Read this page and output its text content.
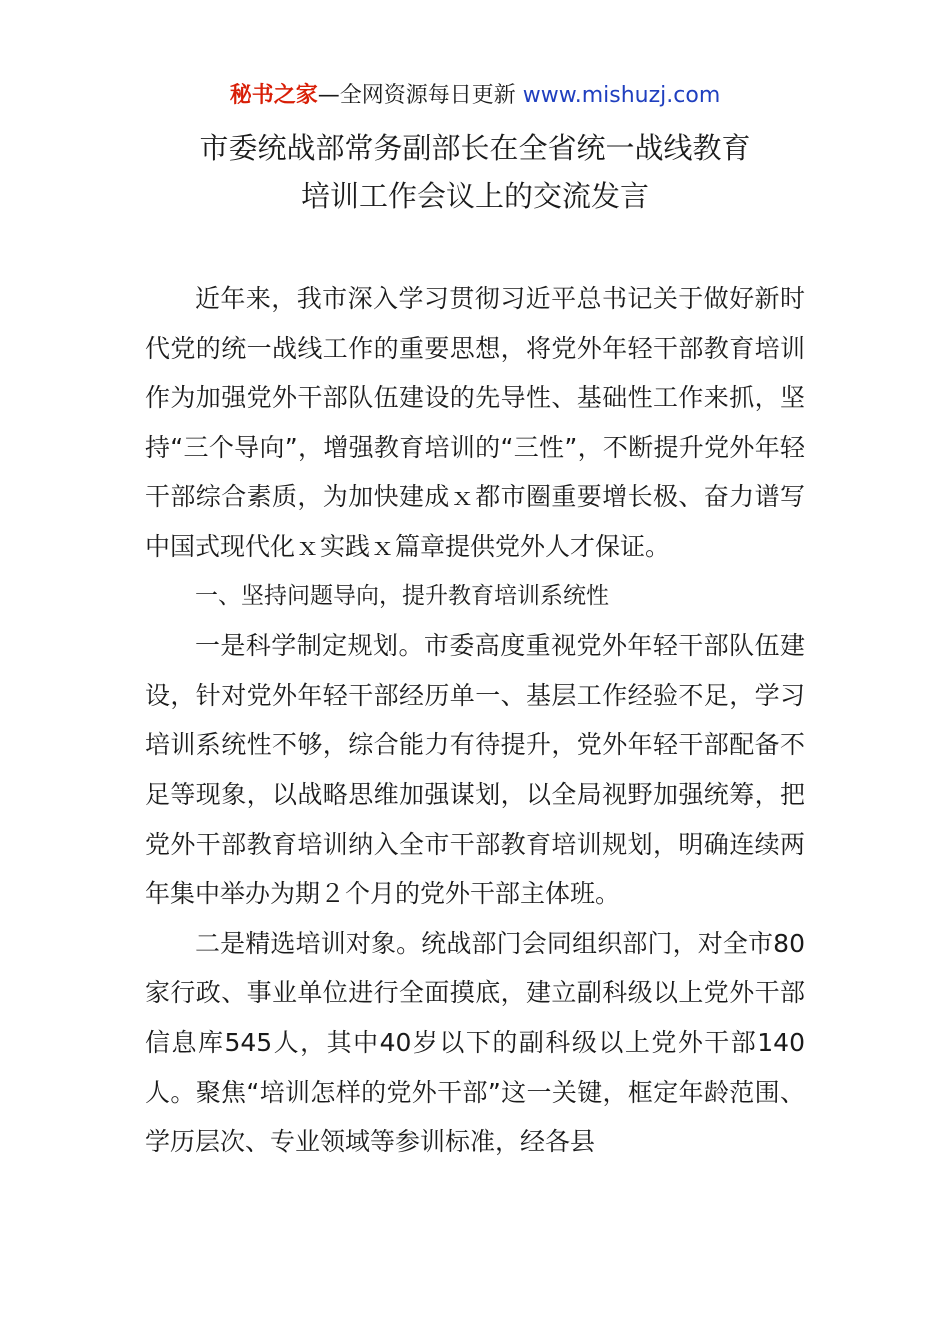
秘书之家—全网资源每日更新 www.mishuzj.com
市委统战部常务副部长在全省统一战线教育
培训工作会议上的交流发言

近年来，我市深入学习贯彻习近平总书记关于做好新时代党的统一战线工作的重要思想，将党外年轻干部教育培训作为加强党外干部队伍建设的先导性、基础性工作来抓，坚持“三个导向”，增强教育培训的“三性”，不断提升党外年轻干部综合素质，为加快建成ｘ都市圈重要增长极、奋力谱写中国式现代化ｘ实践ｘ篇章提供党外人才保证。

一、坚持问题导向，提升教育培训系统性

一是科学制定规划。市委高度重视党外年轻干部队伍建设，针对党外年轻干部经历单一、基层工作经验不足，学习培训系统性不够，综合能力有待提升，党外年轻干部配备不足等现象，以战略思维加强谋划，以全局视野加强统筹，把党外干部教育培训纳入全市干部教育培训规划，明确连续两年集中举办为期２个月的党外干部主体班。

二是精选培训对象。统战部门会同组织部门，对全市80家行政、事业单位进行全面摸底，建立副科级以上党外干部信息库545人，其中40岁以下的副科级以上党外干部140人。聚焦“培训怎样的党外干部”这一关键，框定年龄范围、学历层次、专业领域等参训标准，经各县
